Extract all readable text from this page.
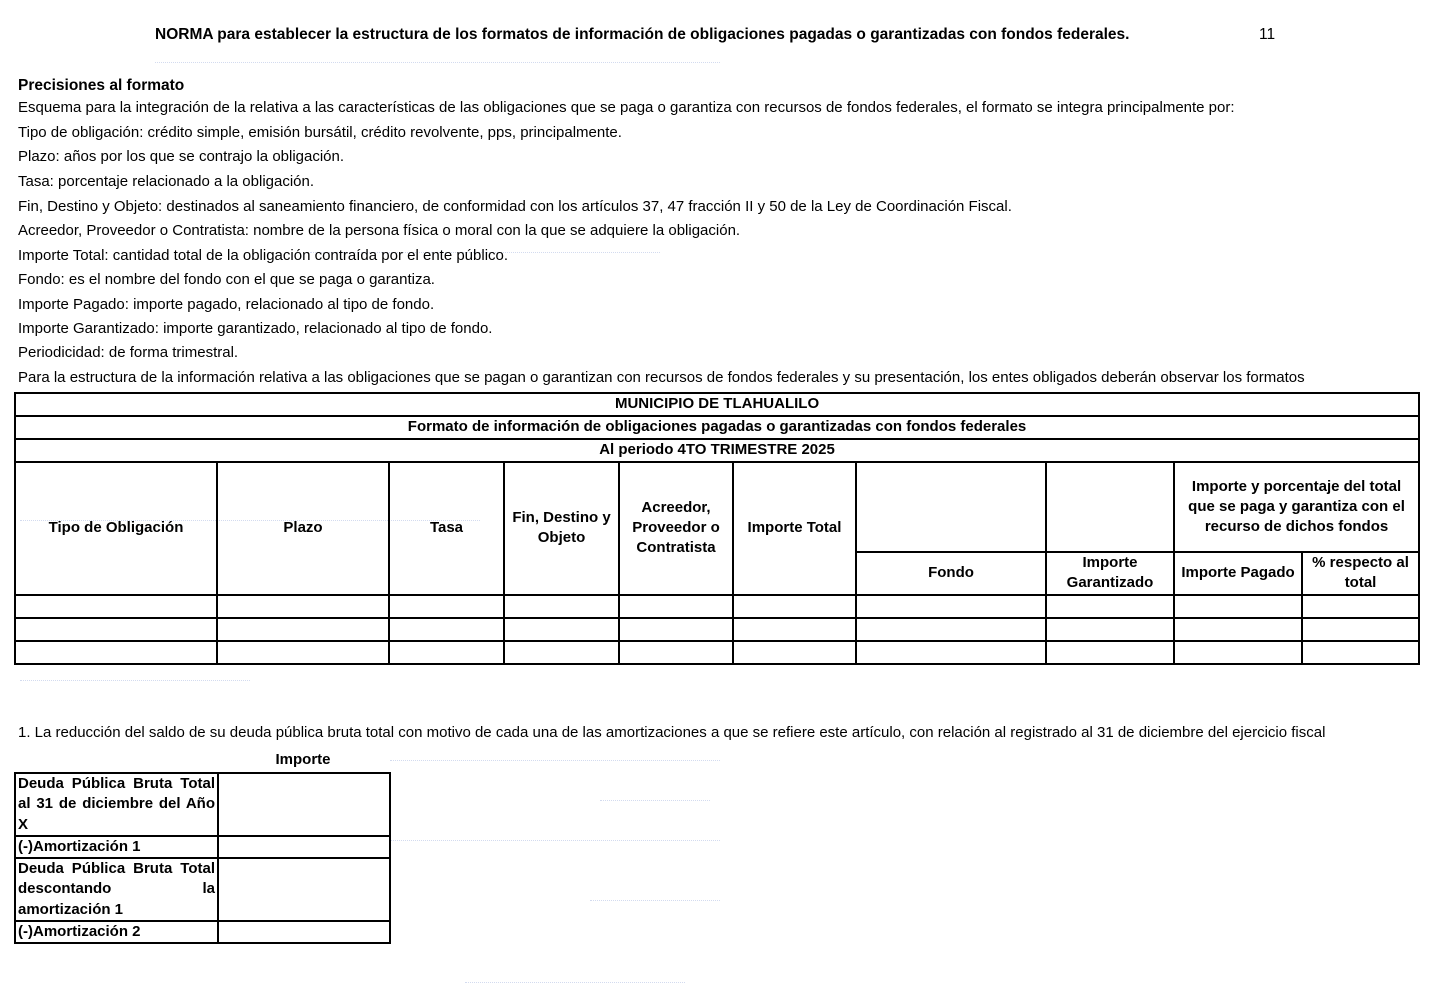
NORMA para establecer la estructura de los formatos de información de obligaciones pagadas o garantizadas con fondos federales.	11
Precisiones al formato
Esquema para la integración de la relativa a las características de las obligaciones que se paga o garantiza con recursos de fondos federales, el formato se integra principalmente por:
Tipo de obligación: crédito simple, emisión bursátil, crédito revolvente, pps, principalmente.
Plazo: años por los que se contrajo la obligación.
Tasa: porcentaje relacionado a la obligación.
Fin, Destino y Objeto: destinados al saneamiento financiero, de conformidad con los artículos 37, 47 fracción II y 50 de la Ley de Coordinación Fiscal.
Acreedor, Proveedor o Contratista: nombre de la persona física o moral con la que se adquiere la obligación.
Importe Total: cantidad total de la obligación contraída por el ente público.
Fondo: es el nombre del fondo con el que se paga o garantiza.
Importe Pagado: importe pagado, relacionado al tipo de fondo.
Importe Garantizado: importe garantizado, relacionado al tipo de fondo.
Periodicidad: de forma trimestral.
Para la estructura de la información relativa a las obligaciones que se pagan o garantizan con recursos de fondos federales y su presentación, los entes obligados deberán observar los formatos
MUNICIPIO DE TLAHUALILO									
Formato de información de obligaciones pagadas o garantizadas con fondos federales									
Al periodo 4TO TRIMESTRE 2025									
Tipo de Obligación	Plazo	Tasa	Fin, Destino y Objeto	Acreedor, Proveedor o Contratista	Importe Total			Importe y porcentaje del total que se paga y garantiza con el recurso de dichos fondos	
						Fondo	Importe Garantizado	Importe Pagado	% respecto al total

1. La reducción del saldo de su deuda pública bruta total con motivo de cada una de las amortizaciones a que se refiere este artículo, con relación al registrado al 31 de diciembre del ejercicio fiscal
Importe
Deuda Pública Bruta Total al 31 de diciembre del Año X	
(-)Amortización 1	
Deuda Pública Bruta Total descontando la amortización 1	
(-)Amortización 2	
